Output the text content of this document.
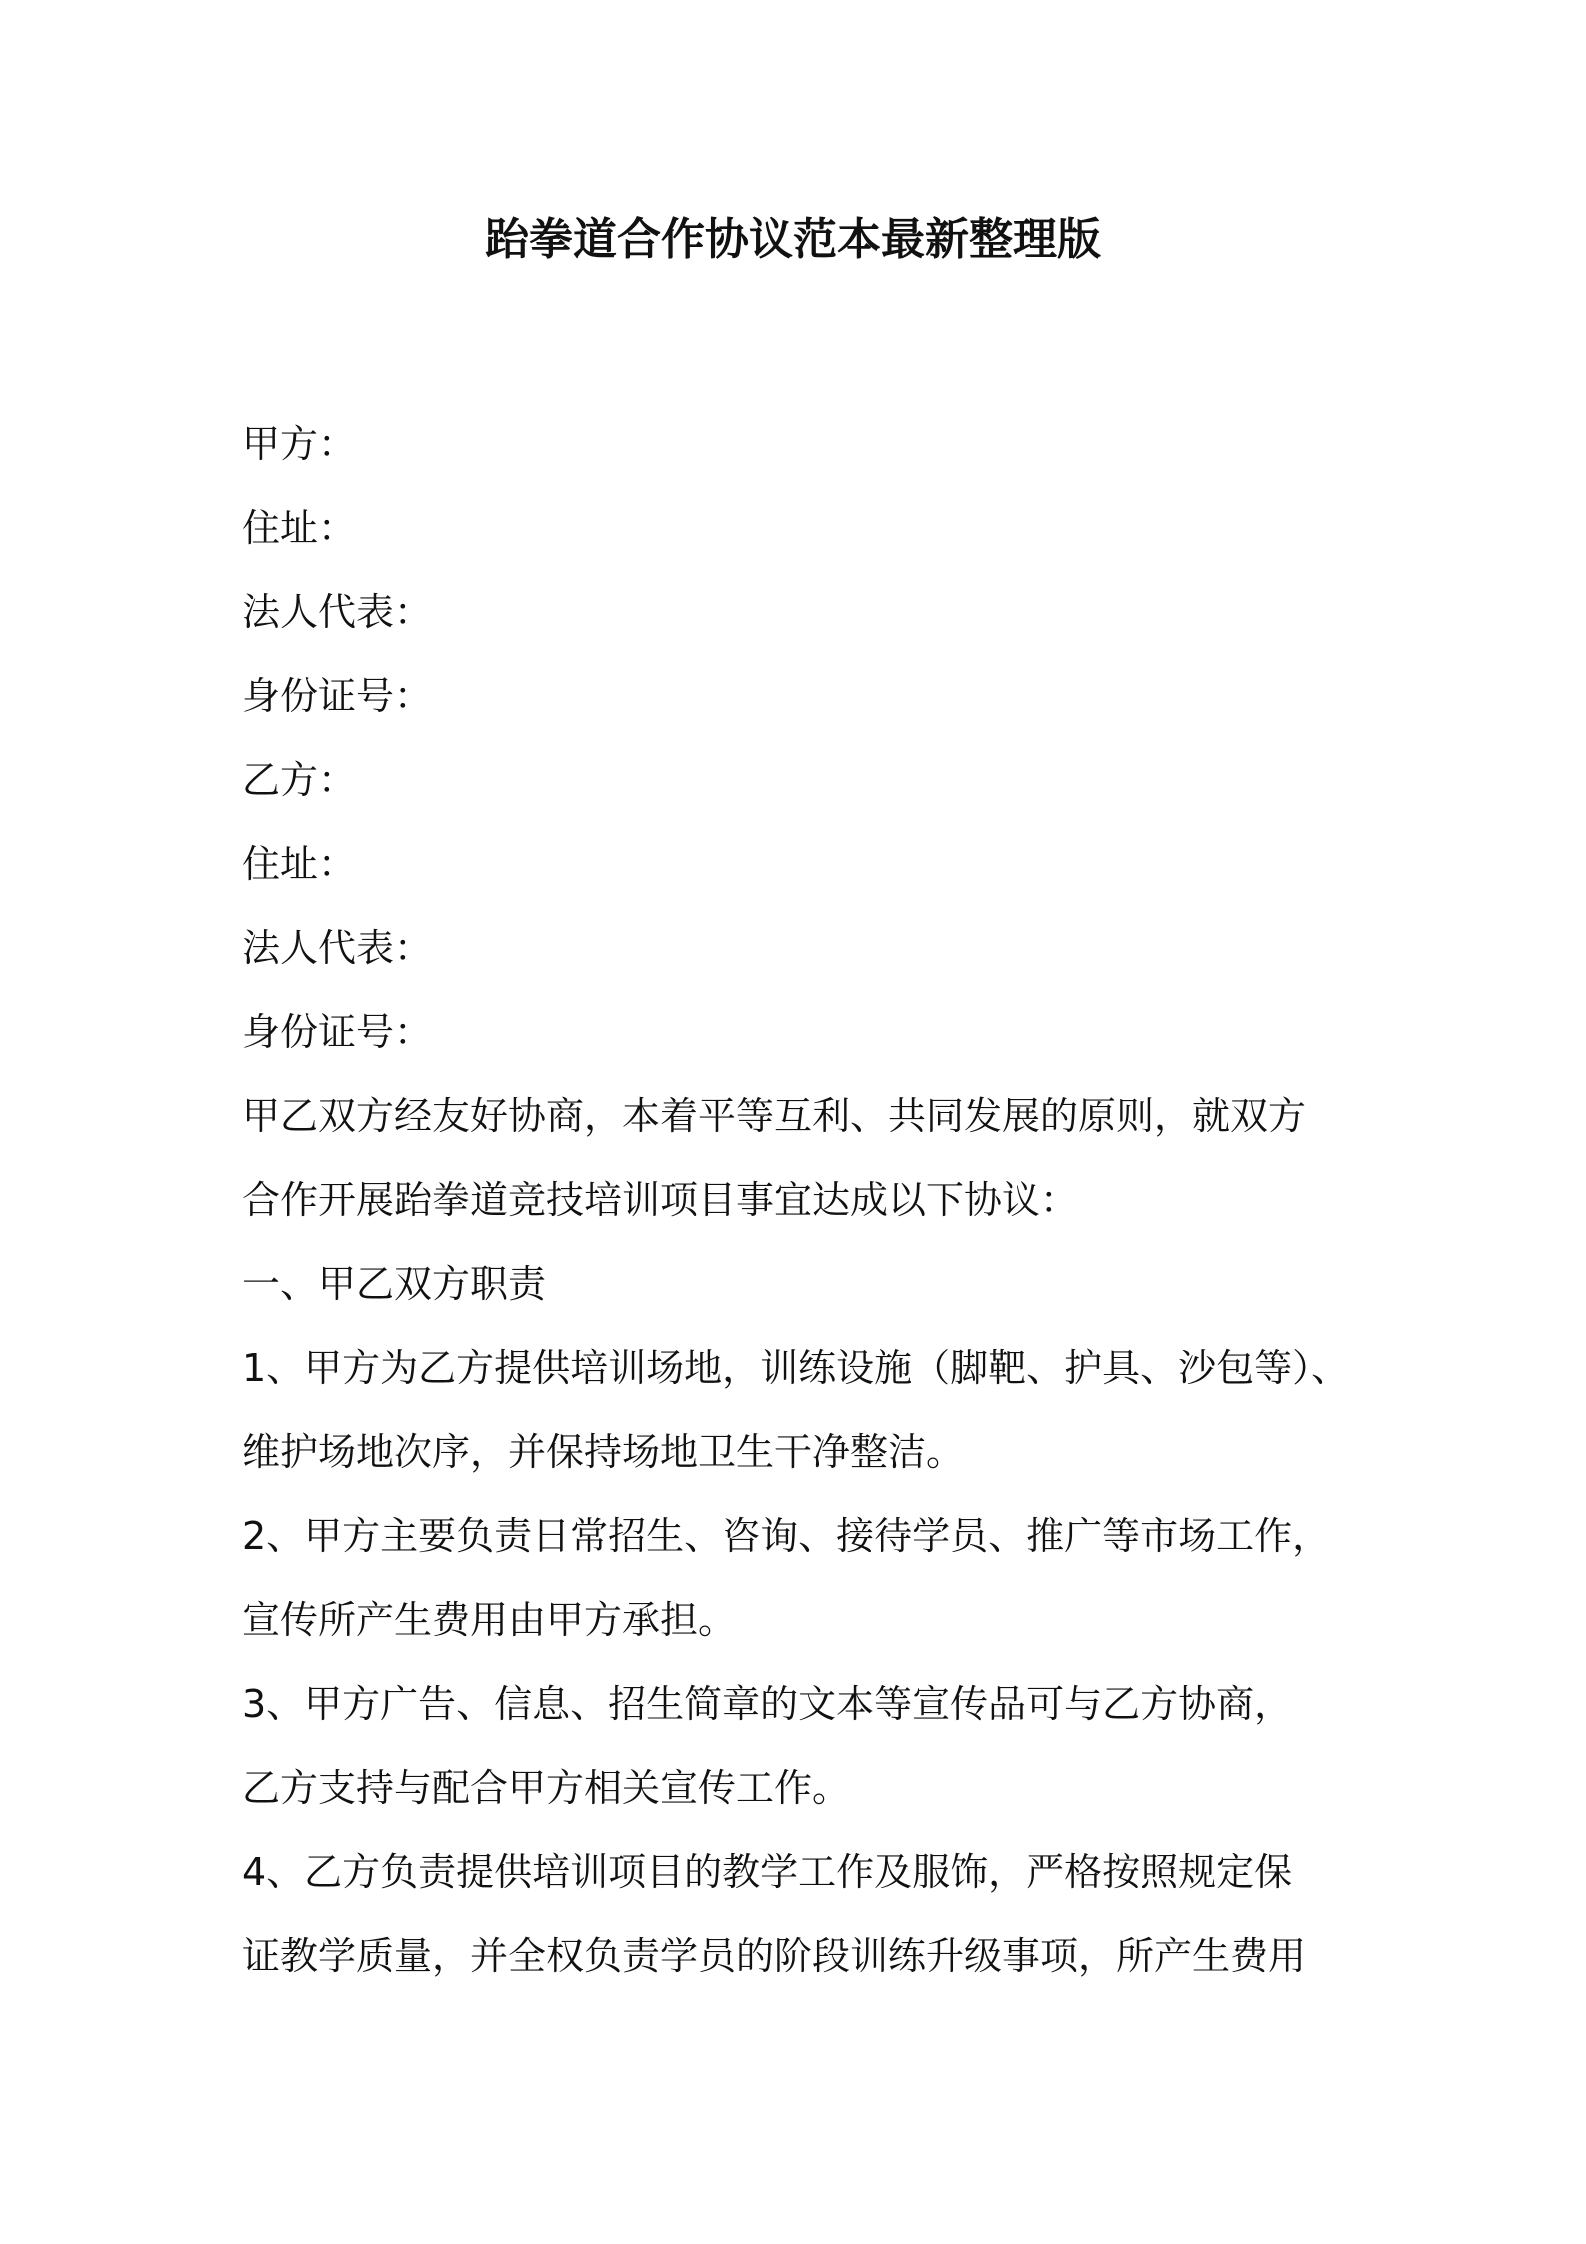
跆拳道合作协议范本最新整理版
甲方：
住址：
法人代表：
身份证号：
乙方：
住址：
法人代表：
身份证号：
甲乙双方经友好协商，本着平等互利、共同发展的原则，就双方
合作开展跆拳道竞技培训项目事宜达成以下协议：
一、甲乙双方职责
1、甲方为乙方提供培训场地，训练设施（脚靶、护具、沙包等）、
维护场地次序，并保持场地卫生干净整洁。
2、甲方主要负责日常招生、咨询、接待学员、推广等市场工作，
宣传所产生费用由甲方承担。
3、甲方广告、信息、招生简章的文本等宣传品可与乙方协商，
乙方支持与配合甲方相关宣传工作。
4、乙方负责提供培训项目的教学工作及服饰，严格按照规定保
证教学质量，并全权负责学员的阶段训练升级事项，所产生费用
